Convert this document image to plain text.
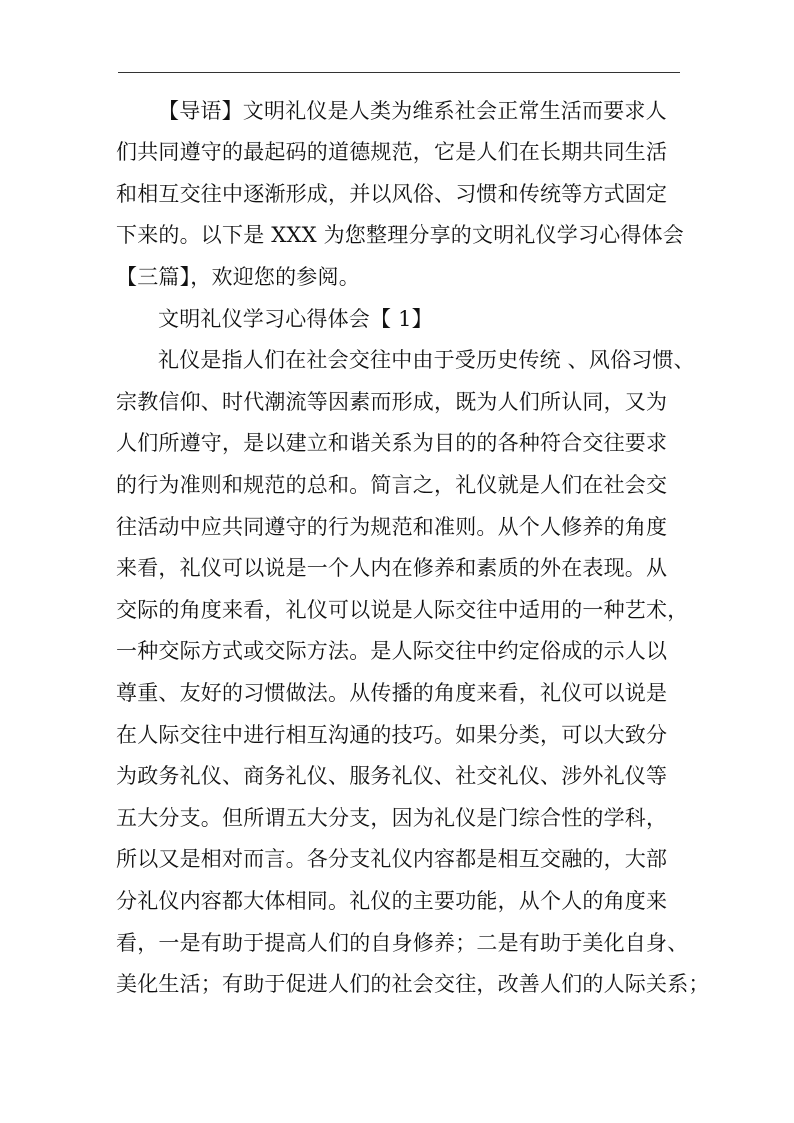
【导语】文明礼仪是人类为维系社会正常生活而要求人
们共同遵守的最起码的道德规范，它是人们在长期共同生活
和相互交往中逐渐形成，并以风俗、习惯和传统等方式固定
下来的。以下是 XXX 为您整理分享的文明礼仪学习心得体会
【三篇】，欢迎您的参阅。
文明礼仪学习心得体会【 1】
礼仪是指人们在社会交往中由于受历史传统 、风俗习惯、
宗教信仰、时代潮流等因素而形成，既为人们所认同，又为
人们所遵守，是以建立和谐关系为目的的各种符合交往要求
的行为准则和规范的总和。简言之，礼仪就是人们在社会交
往活动中应共同遵守的行为规范和准则。从个人修养的角度
来看，礼仪可以说是一个人内在修养和素质的外在表现。从
交际的角度来看，礼仪可以说是人际交往中适用的一种艺术，
一种交际方式或交际方法。是人际交往中约定俗成的示人以
尊重、友好的习惯做法。从传播的角度来看，礼仪可以说是
在人际交往中进行相互沟通的技巧。如果分类，可以大致分
为政务礼仪、商务礼仪、服务礼仪、社交礼仪、涉外礼仪等
五大分支。但所谓五大分支，因为礼仪是门综合性的学科，
所以又是相对而言。各分支礼仪内容都是相互交融的，大部
分礼仪内容都大体相同。礼仪的主要功能，从个人的角度来
看，一是有助于提高人们的自身修养；二是有助于美化自身、
美化生活；有助于促进人们的社会交往，改善人们的人际关系；
